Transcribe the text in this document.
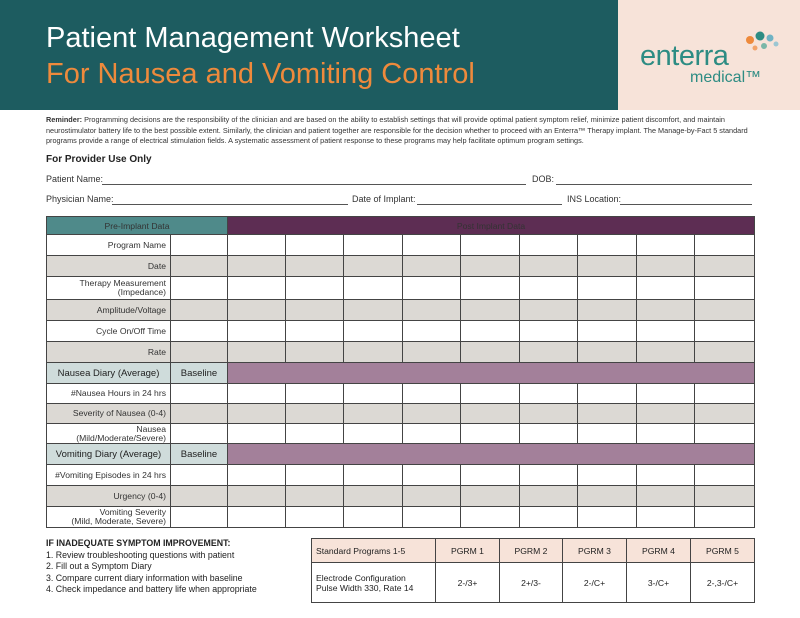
Patient Management Worksheet
For Nausea and Vomiting Control
enterra
medical™
Reminder: Programming decisions are the responsibility of the clinician and are based on the ability to establish settings that will provide optimal patient symptom relief, minimize patient discomfort, and maintain neurostimulator battery life to the best possible extent. Similarly, the clinician and patient together are responsible for the decision whether to proceed with an Enterra™ Therapy implant. The Manage-by-Fact 5 standard programs provide a range of electrical stimulation fields. A systematic assessment of patient response to these programs may help facilitate optimum program settings.
For Provider Use Only
Patient Name:	DOB:
Physician Name:	Date of Implant:	INS Location:
Pre-Implant Data		Post Implant Data								
Program Name										
Date										
Therapy Measurement
(Impedance)										
Amplitude/Voltage										
Cycle On/Off Time										
Rate										
Nausea Diary (Average)	Baseline									
#Nausea Hours in 24 hrs										
Severity of Nausea (0-4)										
Nausea
(Mild/Moderate/Severe)										
Vomiting Diary (Average)	Baseline									
#Vomiting Episodes in 24 hrs										
Urgency (0-4)										
Vomiting Severity
(Mild, Moderate, Severe)										
IF INADEQUATE SYMPTOM IMPROVEMENT:
1. Review troubleshooting questions with patient
2. Fill out a Symptom Diary
3. Compare current diary information with baseline
4. Check impedance and battery life when appropriate
Standard Programs 1-5	PGRM 1	PGRM 2	PGRM 3	PGRM 4	PGRM 5
Electrode Configuration
Pulse Width 330, Rate 14	2-/3+	2+/3-	2-/C+	3-/C+	2-,3-/C+
